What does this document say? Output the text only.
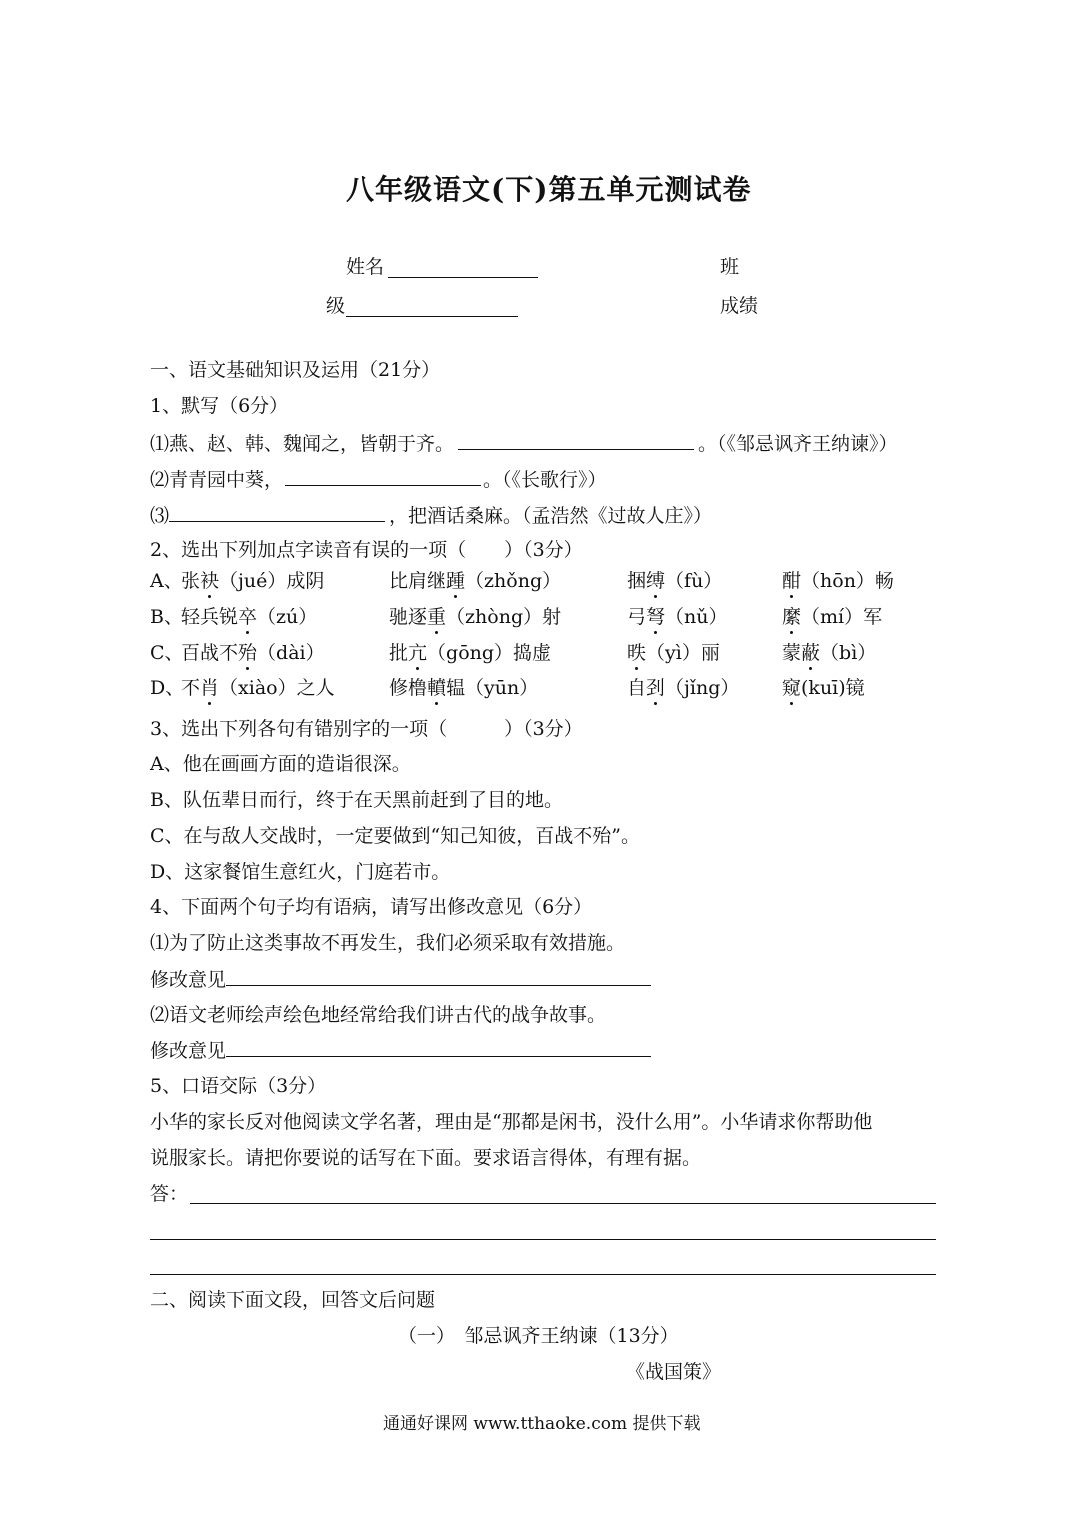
八年级语文(下)第五单元测试卷
姓名	班
级	成绩
一、语文基础知识及运用（21分）
1、默写（6分）
⑴燕、赵、韩、魏闻之，皆朝于齐。	。（《邹忌讽齐王纳谏》）
⑵青青园中葵，	。（《长歌行》）
⑶	，把酒话桑麻。（孟浩然《过故人庄》）
2、选出下列加点字读音有误的一项（　　）（3分）
A、
张袂（jué）成阴	比肩继踵（zhǒng）	捆缚（fù）	酣（hōn）畅
B、
轻兵锐卒（zú）	驰逐重（zhòng）射	弓弩（nǔ）	縻（mí）军
C、
百战不殆（dài）	批亢（gōng）捣虚	昳（yì）丽	蒙蔽（bì）
D、
不肖（xiào）之人	修橹轒辒（yūn）	自刭（jǐng） 窥(kuī)镜
3、选出下列各句有错别字的一项（　　　）（3分）
A、他在画画方面的造诣很深。
B、队伍辈日而行，终于在天黑前赶到了目的地。
C、在与敌人交战时，一定要做到“知己知彼，百战不殆”。
D、这家餐馆生意红火，门庭若市。
4、下面两个句子均有语病，请写出修改意见（6分）
⑴为了防止这类事故不再发生，我们必须采取有效措施。
修改意见
⑵语文老师绘声绘色地经常给我们讲古代的战争故事。
修改意见
5、口语交际（3分）
小华的家长反对他阅读文学名著，理由是“那都是闲书，没什么用”。小华请求你帮助他
说服家长。请把你要说的话写在下面。要求语言得体，有理有据。
答：
二、阅读下面文段，回答文后问题
（一）　邹忌讽齐王纳谏（13分）
《战国策》
通通好课网 www.tthaoke.com 提供下载
